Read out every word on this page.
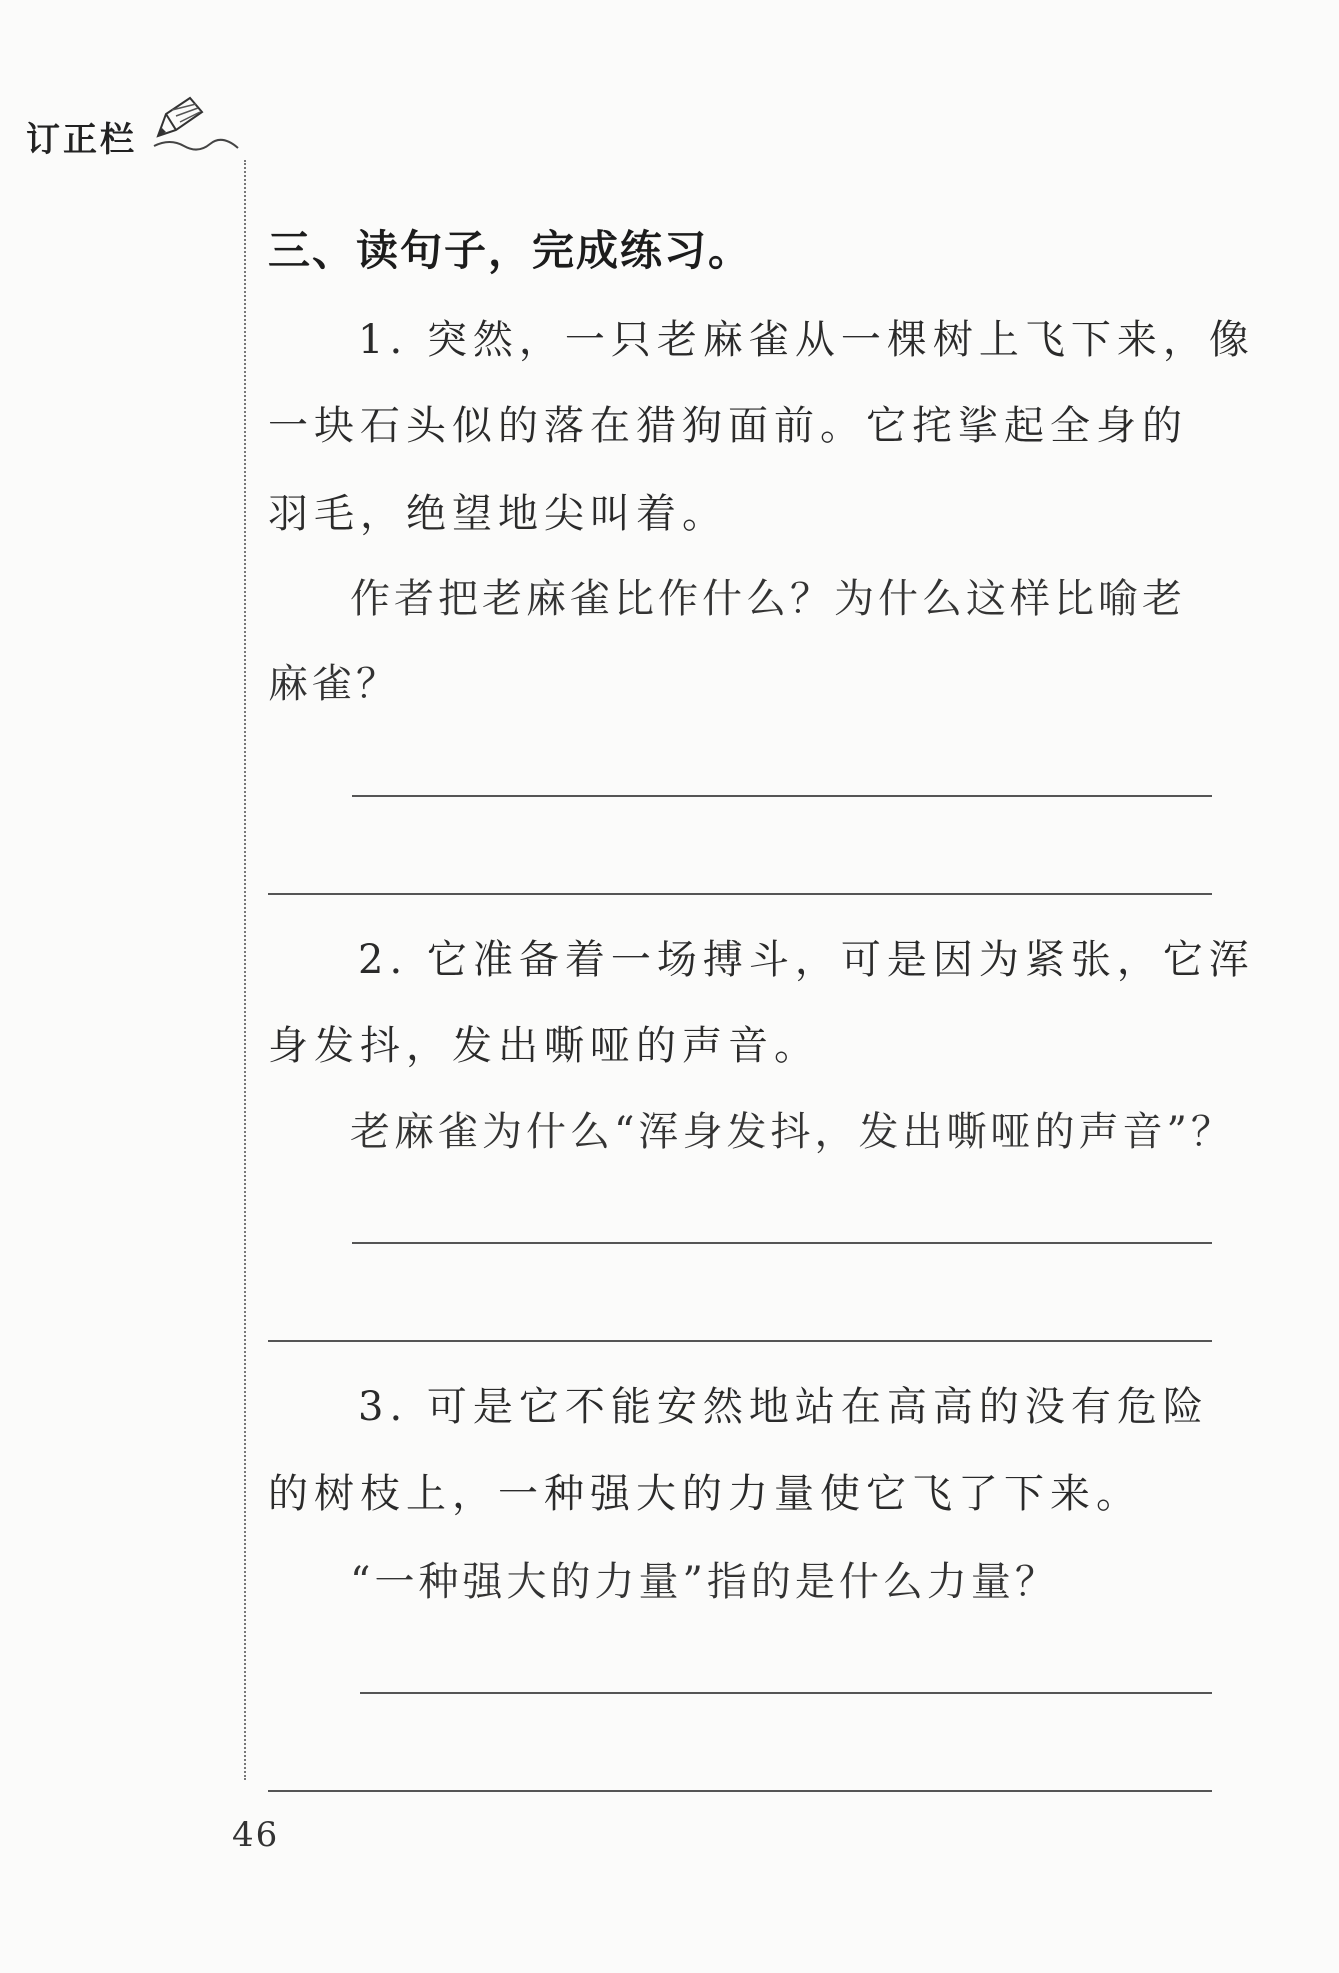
订正栏
三、读句子，完成练习。
1. 突然，一只老麻雀从一棵树上飞下来，像
一块石头似的落在猎狗面前。它挓挲起全身的
羽毛，绝望地尖叫着。
作者把老麻雀比作什么？为什么这样比喻老
麻雀？
2. 它准备着一场搏斗，可是因为紧张，它浑
身发抖，发出嘶哑的声音。
老麻雀为什么“浑身发抖，发出嘶哑的声音”？
3. 可是它不能安然地站在高高的没有危险
的树枝上，一种强大的力量使它飞了下来。
“一种强大的力量”指的是什么力量？
46
